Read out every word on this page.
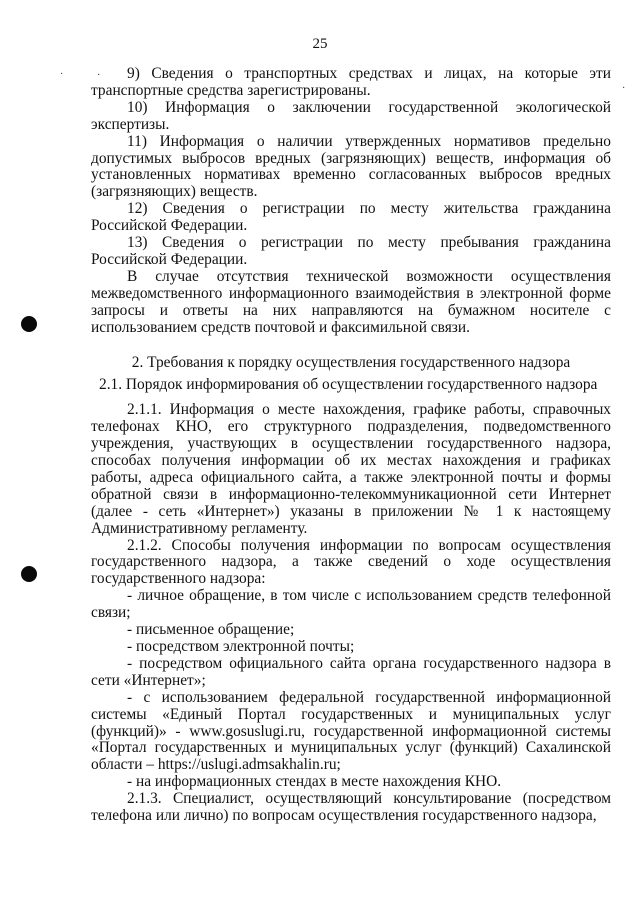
25
·
·
·

9) Сведения о транспортных средствах и лицах, на которые эти транспортные средства зарегистрированы.

10) Информация о заключении государственной экологической экспертизы.

11) Информация о наличии утвержденных нормативов предельно допустимых выбросов вредных (загрязняющих) веществ, информация об установленных нормативах временно согласованных выбросов вредных (загрязняющих) веществ.

12) Сведения о регистрации по месту жительства гражданина Российской Федерации.

13) Сведения о регистрации по месту пребывания гражданина Российской Федерации.

В случае отсутствия технической возможности осуществления межведомственного информационного взаимодействия в электронной форме запросы и ответы на них направляются на бумажном носителе с использованием средств почтовой и факсимильной связи.

2. Требования к порядку осуществления государственного надзора

2.1. Порядок информирования об осуществлении государственного надзора

2.1.1. Информация о месте нахождения, графике работы, справочных телефонах КНО, его структурного подразделения, подведомственного учреждения, участвующих в осуществлении государственного надзора, способах получения информации об их местах нахождения и графиках работы, адреса официального сайта, а также электронной почты и формы обратной связи в информационно-телекоммуникационной сети Интернет (далее - сеть «Интернет») указаны в приложении № 1 к настоящему Административному регламенту.

2.1.2. Способы получения информации по вопросам осуществления государственного надзора, а также сведений о ходе осуществления государственного надзора:

- личное обращение, в том числе с использованием средств телефонной связи;

- письменное обращение;

- посредством электронной почты;

- посредством официального сайта органа государственного надзора в сети «Интернет»;

- с использованием федеральной государственной информационной системы «Единый Портал государственных и муниципальных услуг (функций)» - www.gosuslugi.ru, государственной информационной системы «Портал государственных и муниципальных услуг (функций) Сахалинской области – https://uslugi.admsakhalin.ru;

- на информационных стендах в месте нахождения КНО.

2.1.3. Специалист, осуществляющий консультирование (посредством телефона или лично) по вопросам осуществления государственного надзора,
